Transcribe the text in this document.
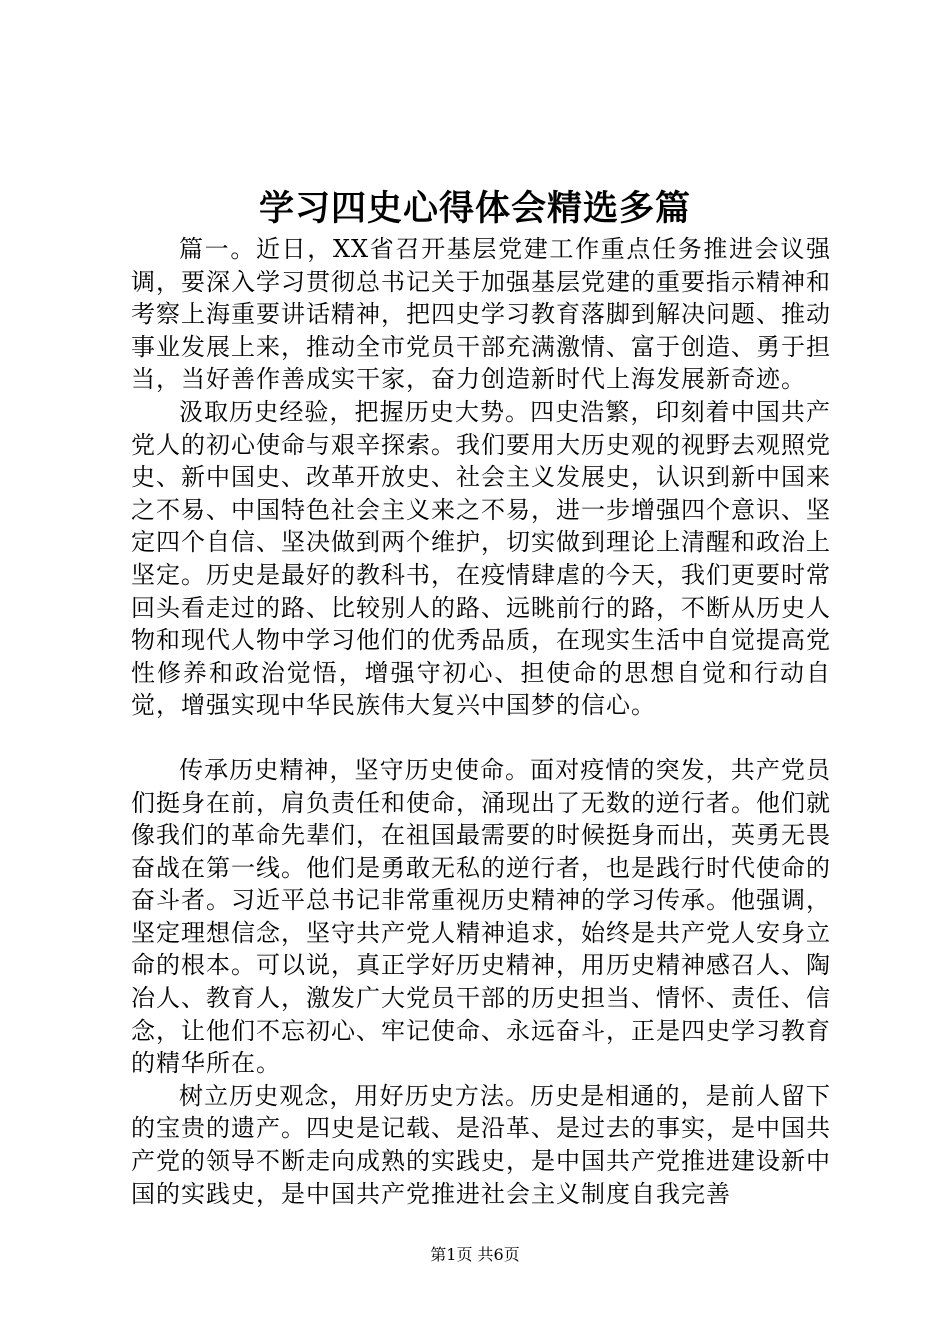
学习四史心得体会精选多篇

篇一。近日，XX省召开基层党建工作重点任务推进会议强调，要深入学习贯彻总书记关于加强基层党建的重要指示精神和考察上海重要讲话精神，把四史学习教育落脚到解决问题、推动事业发展上来，推动全市党员干部充满激情、富于创造、勇于担当，当好善作善成实干家，奋力创造新时代上海发展新奇迹。

汲取历史经验，把握历史大势。四史浩繁，印刻着中国共产党人的初心使命与艰辛探索。我们要用大历史观的视野去观照党史、新中国史、改革开放史、社会主义发展史，认识到新中国来之不易、中国特色社会主义来之不易，进一步增强四个意识、坚定四个自信、坚决做到两个维护，切实做到理论上清醒和政治上坚定。历史是最好的教科书，在疫情肆虐的今天，我们更要时常回头看走过的路、比较别人的路、远眺前行的路，不断从历史人物和现代人物中学习他们的优秀品质，在现实生活中自觉提高党性修养和政治觉悟，增强守初心、担使命的思想自觉和行动自觉，增强实现中华民族伟大复兴中国梦的信心。

传承历史精神，坚守历史使命。面对疫情的突发，共产党员们挺身在前，肩负责任和使命，涌现出了无数的逆行者。他们就像我们的革命先辈们，在祖国最需要的时候挺身而出，英勇无畏奋战在第一线。他们是勇敢无私的逆行者，也是践行时代使命的奋斗者。习近平总书记非常重视历史精神的学习传承。他强调，坚定理想信念，坚守共产党人精神追求，始终是共产党人安身立命的根本。可以说，真正学好历史精神，用历史精神感召人、陶冶人、教育人，激发广大党员干部的历史担当、情怀、责任、信念，让他们不忘初心、牢记使命、永远奋斗，正是四史学习教育的精华所在。

树立历史观念，用好历史方法。历史是相通的，是前人留下的宝贵的遗产。四史是记载、是沿革、是过去的事实，是中国共产党的领导不断走向成熟的实践史，是中国共产党推进建设新中国的实践史，是中国共产党推进社会主义制度自我完善

第1页 共6页
